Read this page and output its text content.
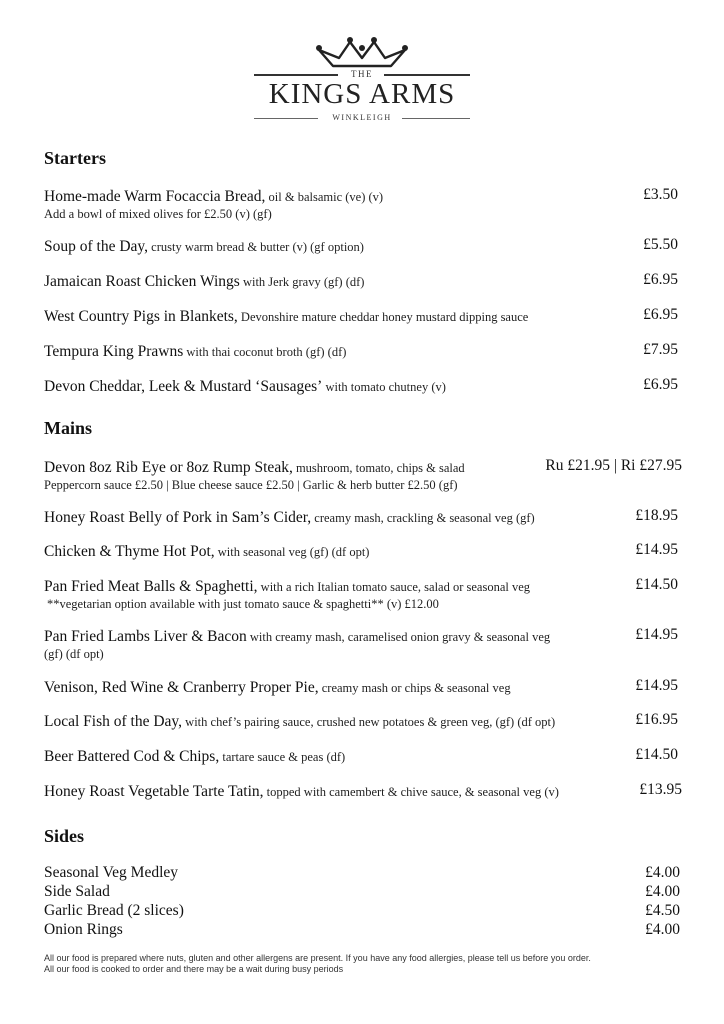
THE
KINGS ARMS
WINKLEIGH
Starters
Home-made Warm Focaccia Bread, oil & balsamic (ve) (v)	£3.50
Add a bowl of mixed olives for £2.50 (v) (gf)
Soup of the Day, crusty warm bread & butter (v) (gf option)	£5.50
Jamaican Roast Chicken Wings with Jerk gravy (gf) (df)	£6.95
West Country Pigs in Blankets, Devonshire mature cheddar honey mustard dipping sauce	£6.95
Tempura King Prawns with thai coconut broth (gf) (df)	£7.95
Devon Cheddar, Leek & Mustard ‘Sausages’ with tomato chutney (v)	£6.95
Mains
Devon 8oz Rib Eye or 8oz Rump Steak, mushroom, tomato, chips & salad	Ru £21.95 | Ri £27.95
Peppercorn sauce £2.50 | Blue cheese sauce £2.50 | Garlic & herb butter £2.50 (gf)
Honey Roast Belly of Pork in Sam’s Cider, creamy mash, crackling & seasonal veg (gf)	£18.95
Chicken & Thyme Hot Pot, with seasonal veg (gf) (df opt)	£14.95
Pan Fried Meat Balls & Spaghetti, with a rich Italian tomato sauce, salad or seasonal veg	£14.50
**vegetarian option available with just tomato sauce & spaghetti** (v) £12.00
Pan Fried Lambs Liver & Bacon with creamy mash, caramelised onion gravy & seasonal veg	£14.95
(gf) (df opt)
Venison, Red Wine & Cranberry Proper Pie, creamy mash or chips & seasonal veg	£14.95
Local Fish of the Day, with chef’s pairing sauce, crushed new potatoes & green veg, (gf) (df opt)	£16.95
Beer Battered Cod & Chips, tartare sauce & peas (df)	£14.50
Honey Roast Vegetable Tarte Tatin, topped with camembert & chive sauce, & seasonal veg (v)	£13.95
Sides
Seasonal Veg Medley	£4.00
Side Salad	£4.00
Garlic Bread (2 slices)	£4.50
Onion Rings	£4.00
All our food is prepared where nuts, gluten and other allergens are present. If you have any food allergies, please tell us before you order.
All our food is cooked to order and there may be a wait during busy periods
